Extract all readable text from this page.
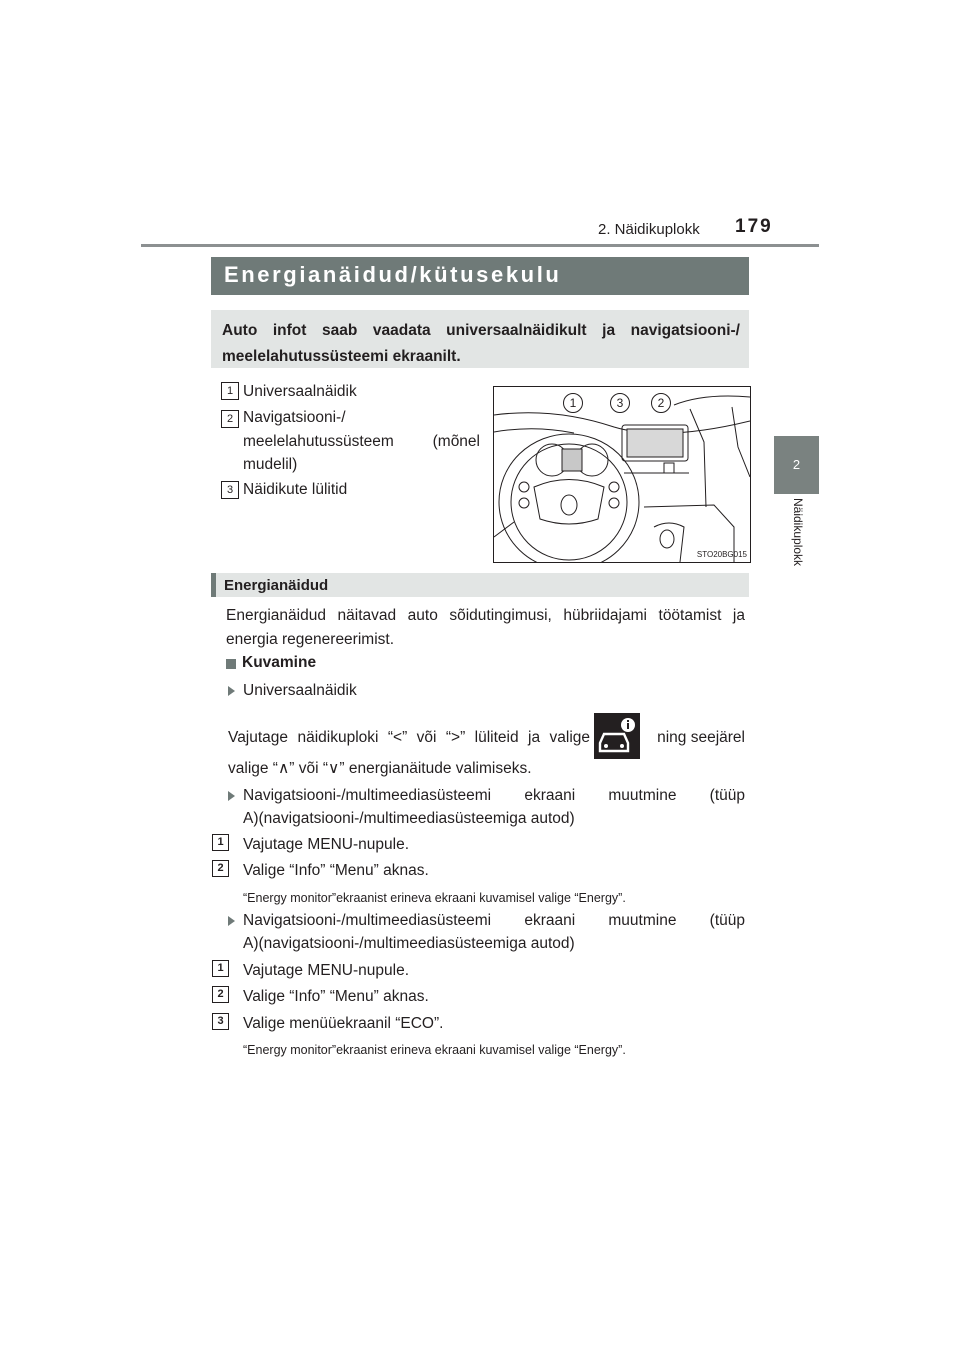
2. Näidikuplokk 179
2
Näidikuplokk
Energianäidud/kütusekulu
Auto infot saab vaadata universaalnäidikult ja navigatsiooni-/ meelelahutussüsteemi ekraanilt.
1 Universaalnäidik
2 Navigatsiooni-/
meelelahutussüsteem (mõnel
mudelil)
3 Näidikute lülitid
1	3	2
STO20BG015
Energianäidud
Energianäidud näitavad auto sõidutingimusi, hübriidajami töötamist ja energia regenereerimist.
Kuvamine
Universaalnäidik
Vajutage näidikuploki “<” või “>” lüliteid ja valige	ning seejärel
valige “∧” või “∨” energianäitude valimiseks.
Navigatsiooni-/multimeediasüsteemi ekraani muutmine (tüüp
A)(navigatsiooni-/multimeediasüsteemiga autod)
1	Vajutage MENU-nupule.
2	Valige “Info” “Menu” aknas.
“Energy monitor”ekraanist erineva ekraani kuvamisel valige “Energy”.
Navigatsiooni-/multimeediasüsteemi ekraani muutmine (tüüp
A)(navigatsiooni-/multimeediasüsteemiga autod)
1	Vajutage MENU-nupule.
2	Valige “Info” “Menu” aknas.
3	Valige menüüekraanil “ECO”.
“Energy monitor”ekraanist erineva ekraani kuvamisel valige “Energy”.
